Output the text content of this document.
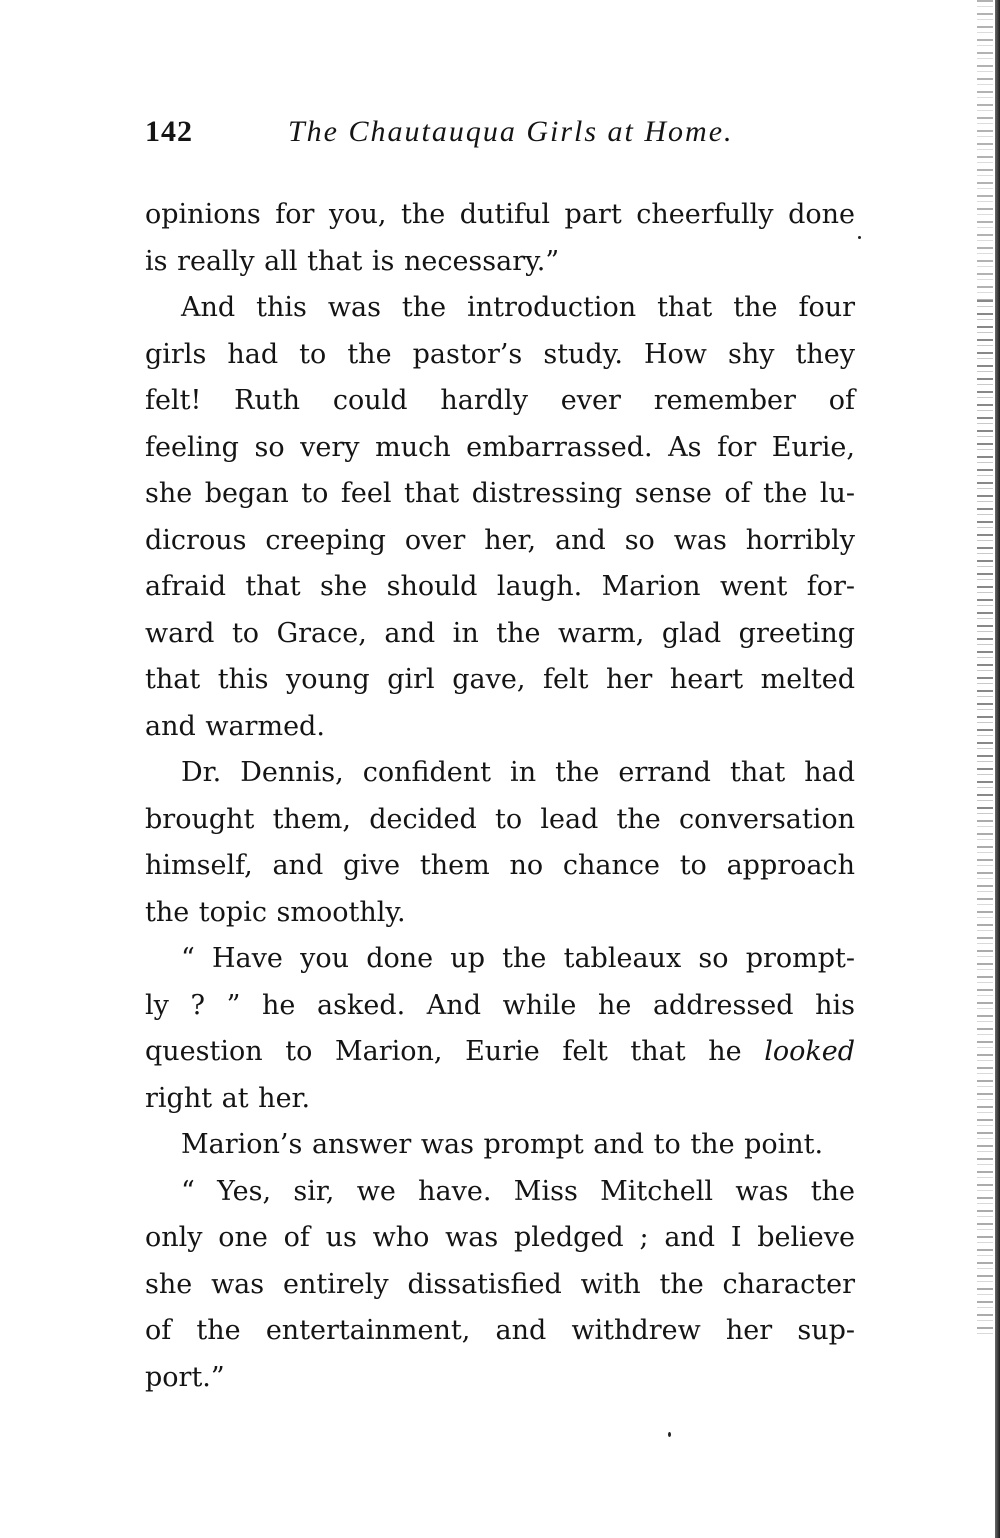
142	The Chautauqua Girls at Home.
opinions for you, the dutiful part cheerfully done
is really all that is necessary.”
And this was the introduction that the four
girls had to the pastor’s study. How shy they
felt! Ruth could hardly ever remember of
feeling so very much embarrassed. As for Eurie,
she began to feel that distressing sense of the lu-
dicrous creeping over her, and so was horribly
afraid that she should laugh. Marion went for-
ward to Grace, and in the warm, glad greeting
that this young girl gave, felt her heart melted
and warmed.
Dr. Dennis, confident in the errand that had
brought them, decided to lead the conversation
himself, and give them no chance to approach
the topic smoothly.
“ Have you done up the tableaux so prompt-
ly ? ” he asked. And while he addressed his
question to Marion, Eurie felt that he looked
right at her.
Marion’s answer was prompt and to the point.
“ Yes, sir, we have. Miss Mitchell was the
only one of us who was pledged ; and I believe
she was entirely dissatisfied with the character
of the entertainment, and withdrew her sup-
port.”
